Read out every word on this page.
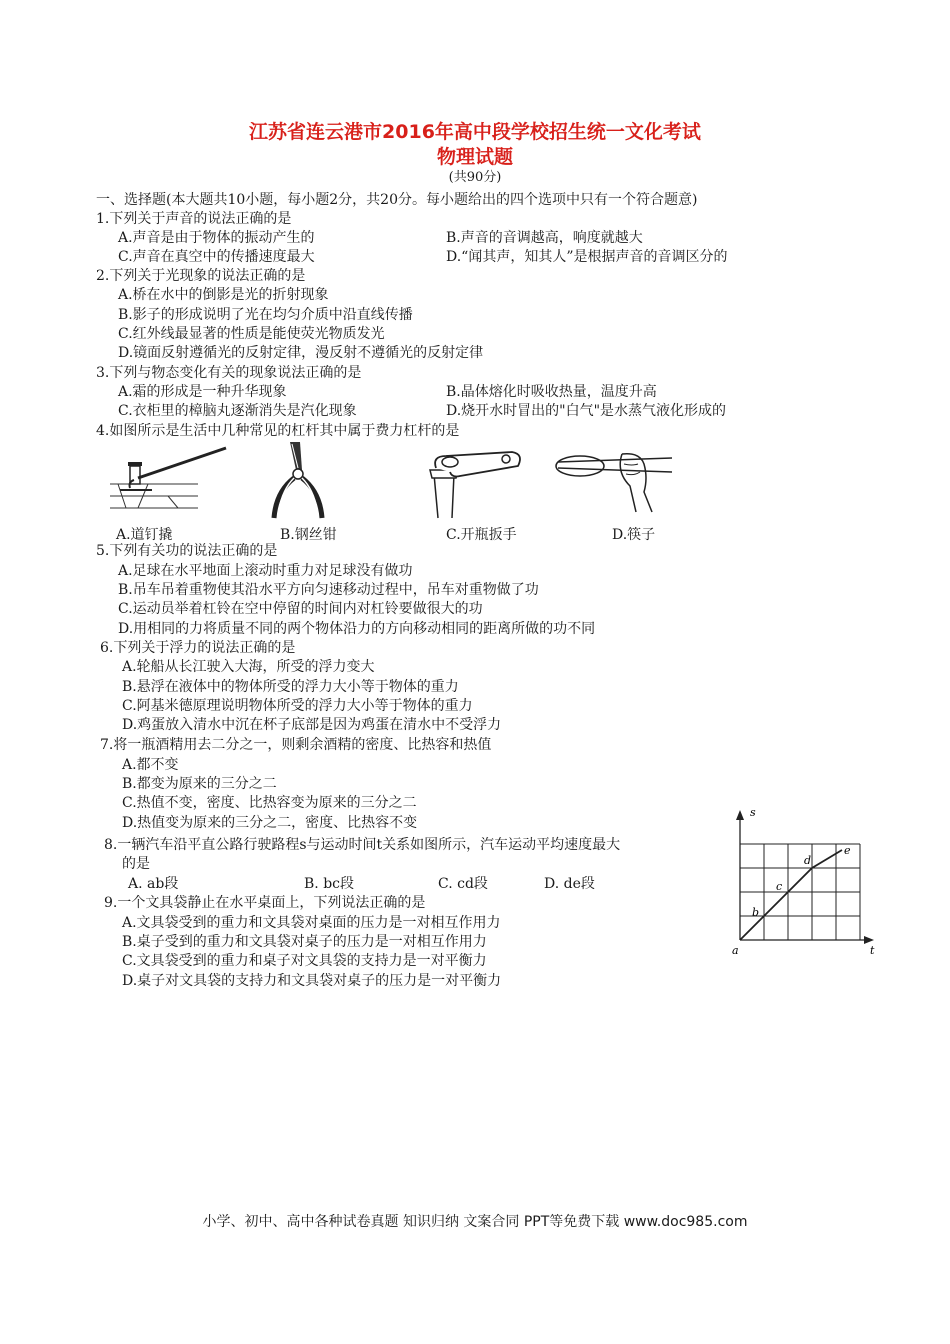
江苏省连云港市2016年高中段学校招生统一文化考试
物理试题
(共90分)
一、选择题(本大题共10小题，每小题2分，共20分。每小题给出的四个选项中只有一个符合题意)
1.下列关于声音的说法正确的是
A.声音是由于物体的振动产生的	B.声音的音调越高，响度就越大
C.声音在真空中的传播速度最大	D.“闻其声，知其人”是根据声音的音调区分的
2.下列关于光现象的说法正确的是
A.桥在水中的倒影是光的折射现象
B.影子的形成说明了光在均匀介质中沿直线传播
C.红外线最显著的性质是能使荧光物质发光
D.镜面反射遵循光的反射定律，漫反射不遵循光的反射定律
3.下列与物态变化有关的现象说法正确的是
A.霜的形成是一种升华现象	B.晶体熔化时吸收热量，温度升高
C.衣柜里的樟脑丸逐渐消失是汽化现象	D.烧开水时冒出的"白气"是水蒸气液化形成的
4.如图所示是生活中几种常见的杠杆其中属于费力杠杆的是
A.道钉撬	B.钢丝钳	C.开瓶扳手	D.筷子
5.下列有关功的说法正确的是
A.足球在水平地面上滚动时重力对足球没有做功
B.吊车吊着重物使其沿水平方向匀速移动过程中，吊车对重物做了功
C.运动员举着杠铃在空中停留的时间内对杠铃要做很大的功
D.用相同的力将质量不同的两个物体沿力的方向移动相同的距离所做的功不同
6.下列关于浮力的说法正确的是
A.轮船从长江驶入大海，所受的浮力变大
B.悬浮在液体中的物体所受的浮力大小等于物体的重力
C.阿基米德原理说明物体所受的浮力大小等于物体的重力
D.鸡蛋放入清水中沉在杯子底部是因为鸡蛋在清水中不受浮力
7.将一瓶酒精用去二分之一，则剩余酒精的密度、比热容和热值
A.都不变
B.都变为原来的三分之二
C.热值不变，密度、比热容变为原来的三分之二
D.热值变为原来的三分之二，密度、比热容不变
8.一辆汽车沿平直公路行驶路程s与运动时间t关系如图所示，汽车运动平均速度最大
的是
A. ab段	B. bc段	C. cd段	D. de段
9.一个文具袋静止在水平桌面上，下列说法正确的是
A.文具袋受到的重力和文具袋对桌面的压力是一对相互作用力
B.桌子受到的重力和文具袋对桌子的压力是一对相互作用力
C.文具袋受到的重力和桌子对文具袋的支持力是一对平衡力
D.桌子对文具袋的支持力和文具袋对桌子的压力是一对平衡力
s
t
a
b
c
d
e
小学、初中、高中各种试卷真题 知识归纳 文案合同 PPT等免费下载 www.doc985.com
